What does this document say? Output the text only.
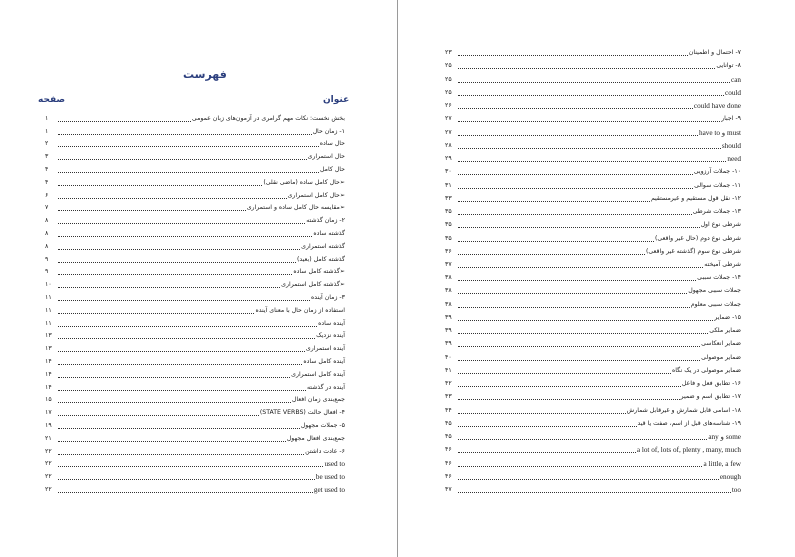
فهرست
عنوان
صفحه
۱	بخش نخست: نکات مهم گرامری در آزمون‌های زبان عمومی
۱	۱- زمان حال
۲	حال ساده
۳	حال استمراری
۴	حال کامل
۴	➢حال کامل ساده (ماضی نقلی)
۶	➢حال کامل استمراری
۷	➢مقایسه حال کامل ساده و استمراری
۸	۲- زمان گذشته
۸	گذشته ساده
۸	گذشته استمراری
۹	گذشته کامل (بعید)
۹	➢گذشته کامل ساده
۱۰	➢گذشته کامل استمراری
۱۱	۳- زمان آینده
۱۱	استفاده از زمان حال با معنای آینده
۱۱	آینده ساده
۱۳	آینده نزدیک
۱۳	آینده استمراری
۱۴	آینده کامل ساده
۱۴	آینده کامل استمراری
۱۴	آینده در گذشته
۱۵	جمع‌بندی زمان افعال
۱۷	۴- افعال حالت (STATE VERBS)
۱۹	۵- جملات مجهول
۲۱	جمع‌بندی افعال مجهول
۲۲	۶- عادت داشتن
۲۲	used to
۲۲	be used to
۲۲	get used to
۲۳	۷- احتمال و اطمینان
۲۵	۸- توانایی
۲۵	can
۲۵	could
۲۶	could have done
۲۷	۹- اجبار
۲۷	have to و must
۲۸	should
۲۹	need
۳۰	۱۰- جملات آرزویی
۳۱	۱۱- جملات سوالی
۳۳	۱۲- نقل قول مستقیم و غیرمستقیم
۳۵	۱۳- جملات شرطی
۳۵	شرطی نوع اول
۳۵	شرطی نوع دوم (حال غیر واقعی)
۳۶	شرطی نوع سوم (گذشته غیر واقعی)
۳۷	شرطی آمیخته
۳۸	۱۴- جملات سببی
۳۸	جملات سببی مجهول
۳۸	جملات سببی معلوم
۳۹	۱۵- ضمایر
۳۹	ضمایر ملکی
۳۹	ضمایر انعکاسی
۴۰	ضمایر موصولی
۴۱	ضمایر موصولی در یک نگاه
۴۲	۱۶- تطابق فعل و فاعل
۴۳	۱۷- تطابق اسم و ضمیر
۴۴	۱۸- اسامی قابل شمارش و غیرقابل شمارش
۴۵	۱۹- شناسه‌های قبل از اسم، صفت یا قید
۴۵	any و some
۴۶	a lot of, lots of, plenty , many, much
۴۶	a little, a few
۴۶	enough
۴۷	too
